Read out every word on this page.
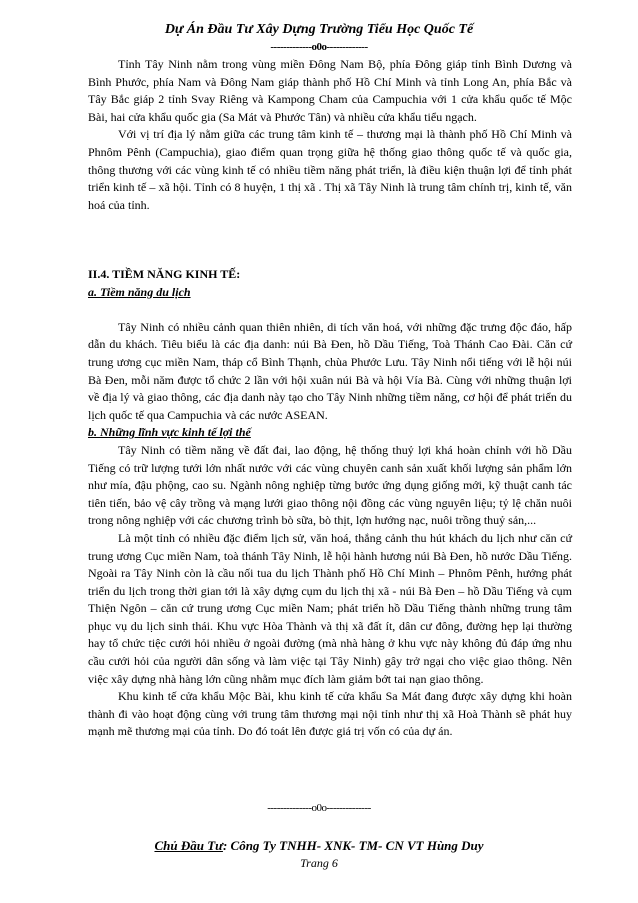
Dự Án Đầu Tư Xây Dựng Trường Tiểu Học Quốc Tế
-------------o0o-------------

Tỉnh Tây Ninh nằm trong vùng miền Đông Nam Bộ, phía Đông giáp tỉnh Bình Dương và Bình Phước, phía Nam và Đông Nam giáp thành phố Hồ Chí Minh và tỉnh Long An, phía Bắc và Tây Bắc giáp 2 tỉnh Svay Riêng và Kampong Cham của Campuchia với 1 cửa khẩu quốc tế Mộc Bài, hai cửa khẩu quốc gia (Sa Mát và Phước Tân) và nhiều cửa khẩu tiểu ngạch.

Với vị trí địa lý nằm giữa các trung tâm kinh tế – thương mại là thành phố Hồ Chí Minh và Phnôm Pênh (Campuchia), giao điểm quan trọng giữa hệ thống giao thông quốc tế và quốc gia, thông thương với các vùng kinh tế có nhiều tiềm năng phát triển, là điều kiện thuận lợi để tỉnh phát triển kinh tế – xã hội. Tỉnh có 8 huyện, 1 thị xã . Thị xã Tây Ninh là trung tâm chính trị, kinh tế, văn hoá của tỉnh.

II.4. TIỀM NĂNG KINH TẾ:

a. Tiềm năng du lịch

Tây Ninh có nhiều cảnh quan thiên nhiên, di tích văn hoá, với những đặc trưng độc đáo, hấp dẫn du khách. Tiêu biểu là các địa danh: núi Bà Đen, hồ Dầu Tiếng, Toà Thánh Cao Đài. Căn cứ trung ương cục miền Nam, tháp cổ Bình Thạnh, chùa Phước Lưu. Tây Ninh nổi tiếng với lễ hội núi Bà Đen, mỗi năm được tổ chức 2 lần với hội xuân núi Bà và hội Vía Bà. Cùng với những thuận lợi về địa lý và giao thông, các địa danh này tạo cho Tây Ninh những tiềm năng, cơ hội để phát triển du lịch quốc tế qua Campuchia và các nước ASEAN.

b. Những lĩnh vực kinh tế lợi thế

Tây Ninh có tiềm năng về đất đai, lao động, hệ thống thuỷ lợi khá hoàn chỉnh với hồ Dầu Tiếng có trữ lượng tưới lớn nhất nước với các vùng chuyên canh sản xuất khối lượng sản phẩm lớn như mía, đậu phộng, cao su. Ngành nông nghiệp từng bước ứng dụng giống mới, kỹ thuật canh tác tiên tiến, bảo vệ cây trồng và mạng lưới giao thông nội đồng các vùng nguyên liệu; tỷ lệ chăn nuôi trong nông nghiệp với các chương trình bò sữa, bò thịt, lợn hướng nạc, nuôi trồng thuỷ sản,...

Là một tỉnh có nhiều đặc điểm lịch sử, văn hoá, thắng cảnh thu hút khách du lịch như căn cứ trung ương Cục miền Nam, toà thánh Tây Ninh, lễ hội hành hương núi Bà Đen, hồ nước Dầu Tiếng. Ngoài ra Tây Ninh còn là cầu nối tua du lịch Thành phố Hồ Chí Minh – Phnôm Pênh, hướng phát triển du lịch trong thời gian tới là xây dựng cụm du lịch thị xã - núi Bà Đen – hồ Dầu Tiếng và cụm Thiện Ngôn – căn cứ trung ương Cục miền Nam; phát triển hồ Dầu Tiếng thành những trung tâm phục vụ du lịch sinh thái. Khu vực Hòa Thành và thị xã đất ít, dân cư đông, đường hẹp lại thường hay tổ chức tiệc cưới hỏi nhiều ở ngoài đường (mà nhà hàng ở khu vực này không đủ đáp ứng nhu cầu cưới hỏi của người dân sống và làm việc tại Tây Ninh) gây trở ngại cho việc giao thông. Nên việc xây dựng nhà hàng lớn cũng nhằm mục đích làm giảm bớt tai nạn giao thông.

Khu kinh tế cửa khẩu Mộc Bài, khu kinh tế cửa khẩu Sa Mát đang được xây dựng khi hoàn thành đi vào hoạt động cùng với trung tâm thương mại nội tỉnh như thị xã Hoà Thành sẽ phát huy mạnh mẽ thương mại của tỉnh. Do đó toát lên được giá trị vốn có của dự án.

--------------o0o--------------
Chủ Đầu Tư: Công Ty TNHH- XNK- TM- CN VT Hùng Duy
Trang 6
